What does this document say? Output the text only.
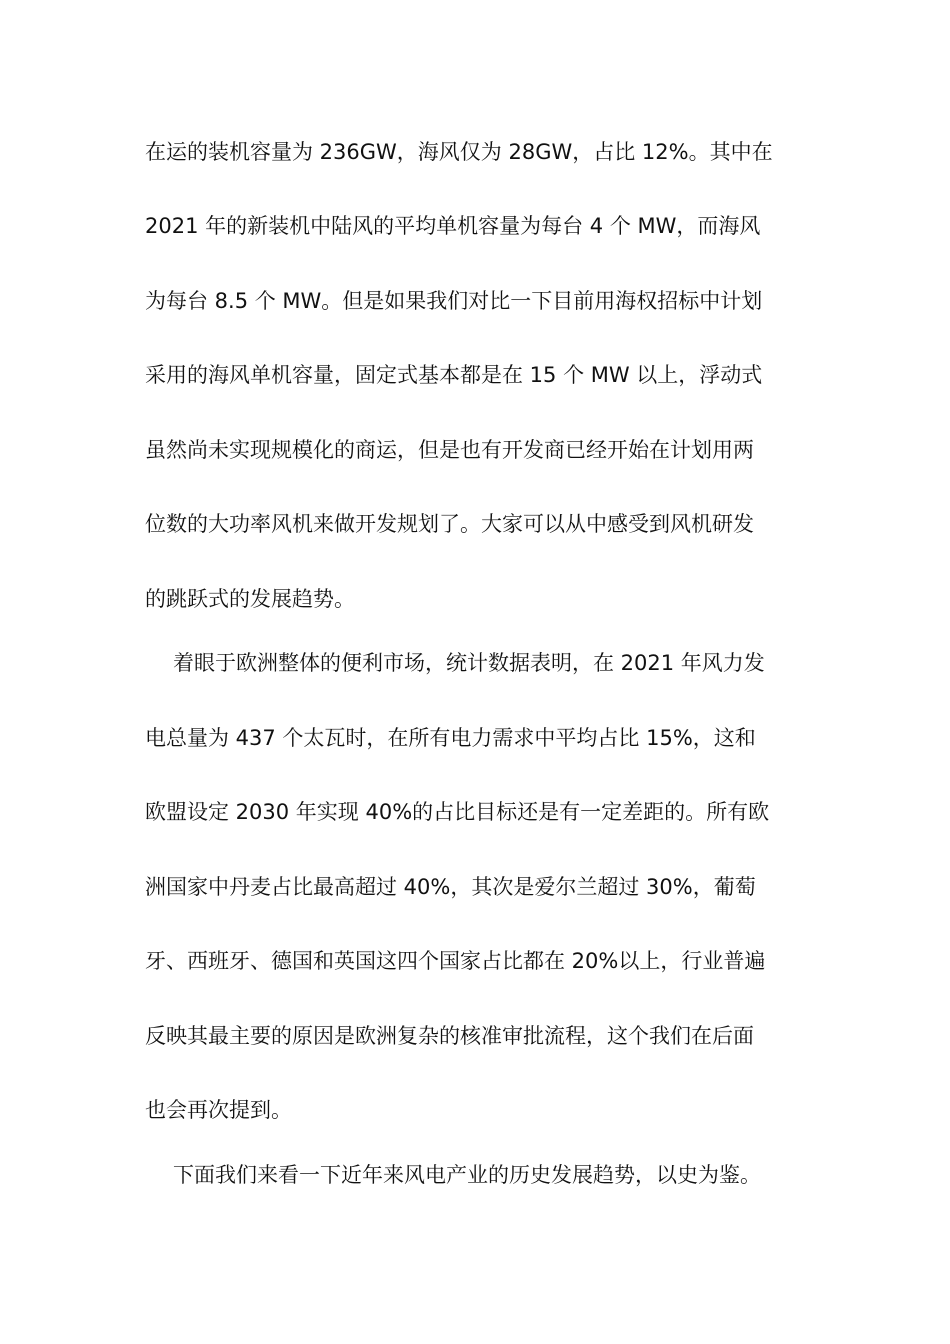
在运的装机容量为 236GW，海风仅为 28GW，占比 12%。其中在
2021 年的新装机中陆风的平均单机容量为每台 4 个 MW，而海风
为每台 8.5 个 MW。但是如果我们对比一下目前用海权招标中计划
采用的海风单机容量，固定式基本都是在 15 个 MW 以上，浮动式
虽然尚未实现规模化的商运，但是也有开发商已经开始在计划用两
位数的大功率风机来做开发规划了。大家可以从中感受到风机研发
的跳跃式的发展趋势。
着眼于欧洲整体的便利市场，统计数据表明，在 2021 年风力发
电总量为 437 个太瓦时，在所有电力需求中平均占比 15%，这和
欧盟设定 2030 年实现 40%的占比目标还是有一定差距的。所有欧
洲国家中丹麦占比最高超过 40%，其次是爱尔兰超过 30%，葡萄
牙、西班牙、德国和英国这四个国家占比都在 20%以上，行业普遍
反映其最主要的原因是欧洲复杂的核准审批流程，这个我们在后面
也会再次提到。
下面我们来看一下近年来风电产业的历史发展趋势，以史为鉴。
